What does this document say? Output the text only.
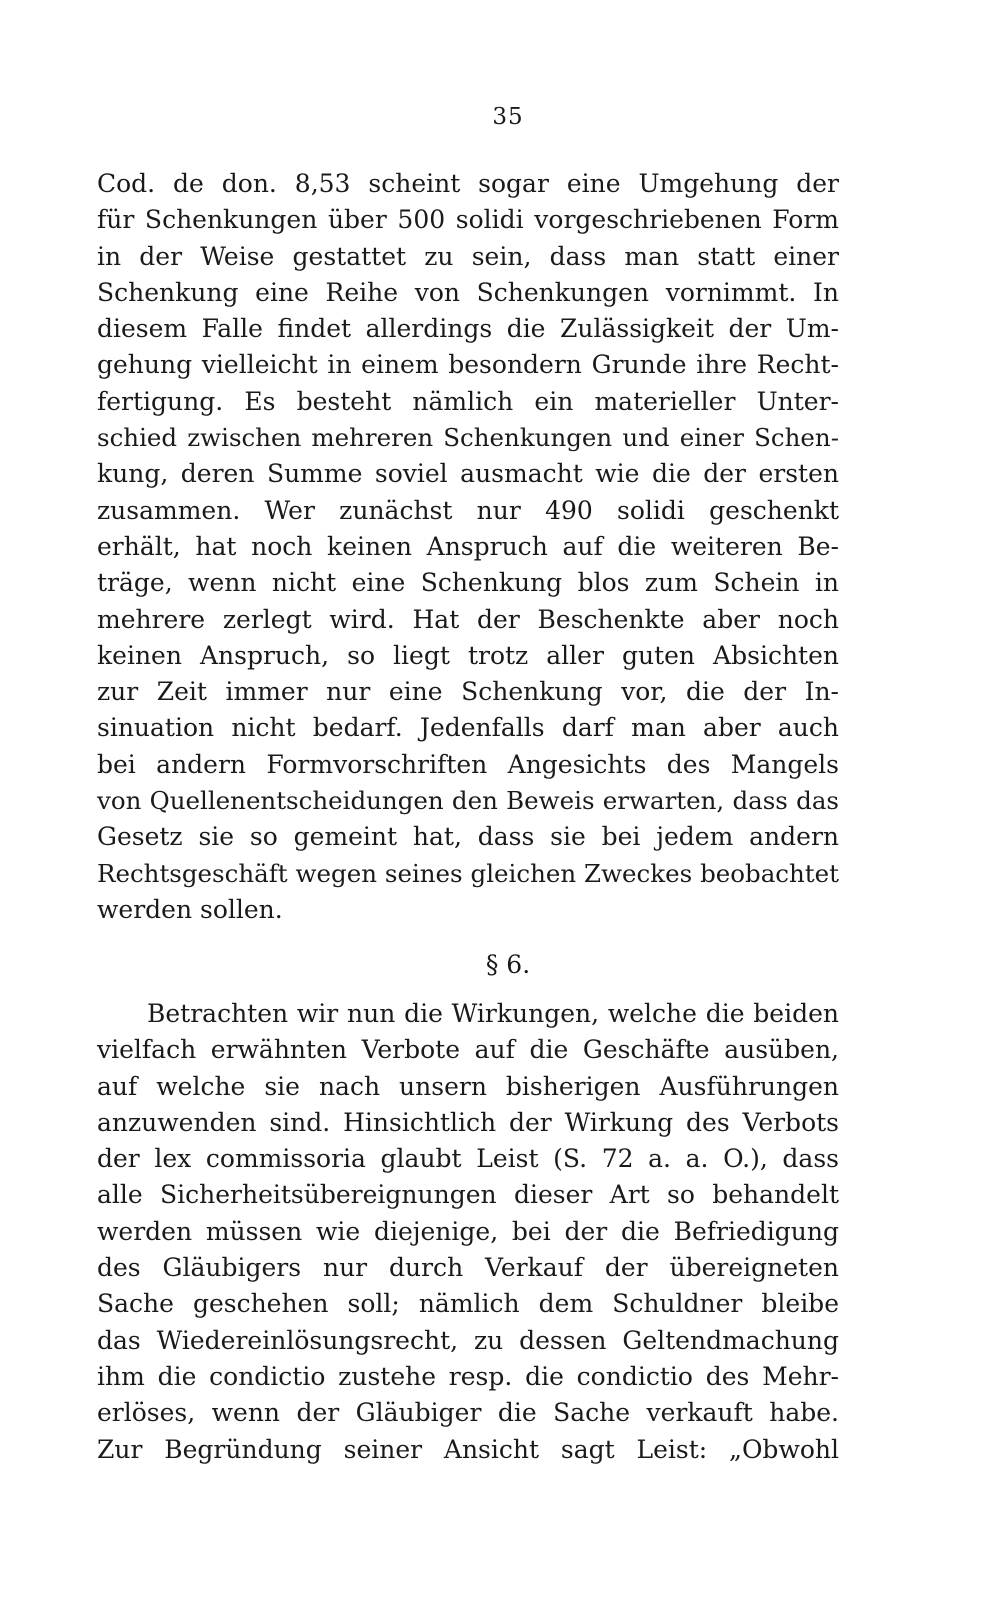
35
Cod. de don. 8,53 scheint sogar eine Umgehung der
für Schenkungen über 500 solidi vorgeschriebenen Form
in der Weise gestattet zu sein, dass man statt einer
Schenkung eine Reihe von Schenkungen vornimmt. In
diesem Falle findet allerdings die Zulässigkeit der Um-
gehung vielleicht in einem besondern Grunde ihre Recht-
fertigung. Es besteht nämlich ein materieller Unter-
schied zwischen mehreren Schenkungen und einer Schen-
kung, deren Summe soviel ausmacht wie die der ersten
zusammen. Wer zunächst nur 490 solidi geschenkt
erhält, hat noch keinen Anspruch auf die weiteren Be-
träge, wenn nicht eine Schenkung blos zum Schein in
mehrere zerlegt wird. Hat der Beschenkte aber noch
keinen Anspruch, so liegt trotz aller guten Absichten
zur Zeit immer nur eine Schenkung vor, die der In-
sinuation nicht bedarf. Jedenfalls darf man aber auch
bei andern Formvorschriften Angesichts des Mangels
von Quellenentscheidungen den Beweis erwarten, dass das
Gesetz sie so gemeint hat, dass sie bei jedem andern
Rechtsgeschäft wegen seines gleichen Zweckes beobachtet
werden sollen.
§ 6.
Betrachten wir nun die Wirkungen, welche die beiden
vielfach erwähnten Verbote auf die Geschäfte ausüben,
auf welche sie nach unsern bisherigen Ausführungen
anzuwenden sind. Hinsichtlich der Wirkung des Verbots
der lex commissoria glaubt Leist (S. 72 a. a. O.), dass
alle Sicherheitsübereignungen dieser Art so behandelt
werden müssen wie diejenige, bei der die Befriedigung
des Gläubigers nur durch Verkauf der übereigneten
Sache geschehen soll; nämlich dem Schuldner bleibe
das Wiedereinlösungsrecht, zu dessen Geltendmachung
ihm die condictio zustehe resp. die condictio des Mehr-
erlöses, wenn der Gläubiger die Sache verkauft habe.
Zur Begründung seiner Ansicht sagt Leist: „Obwohl
